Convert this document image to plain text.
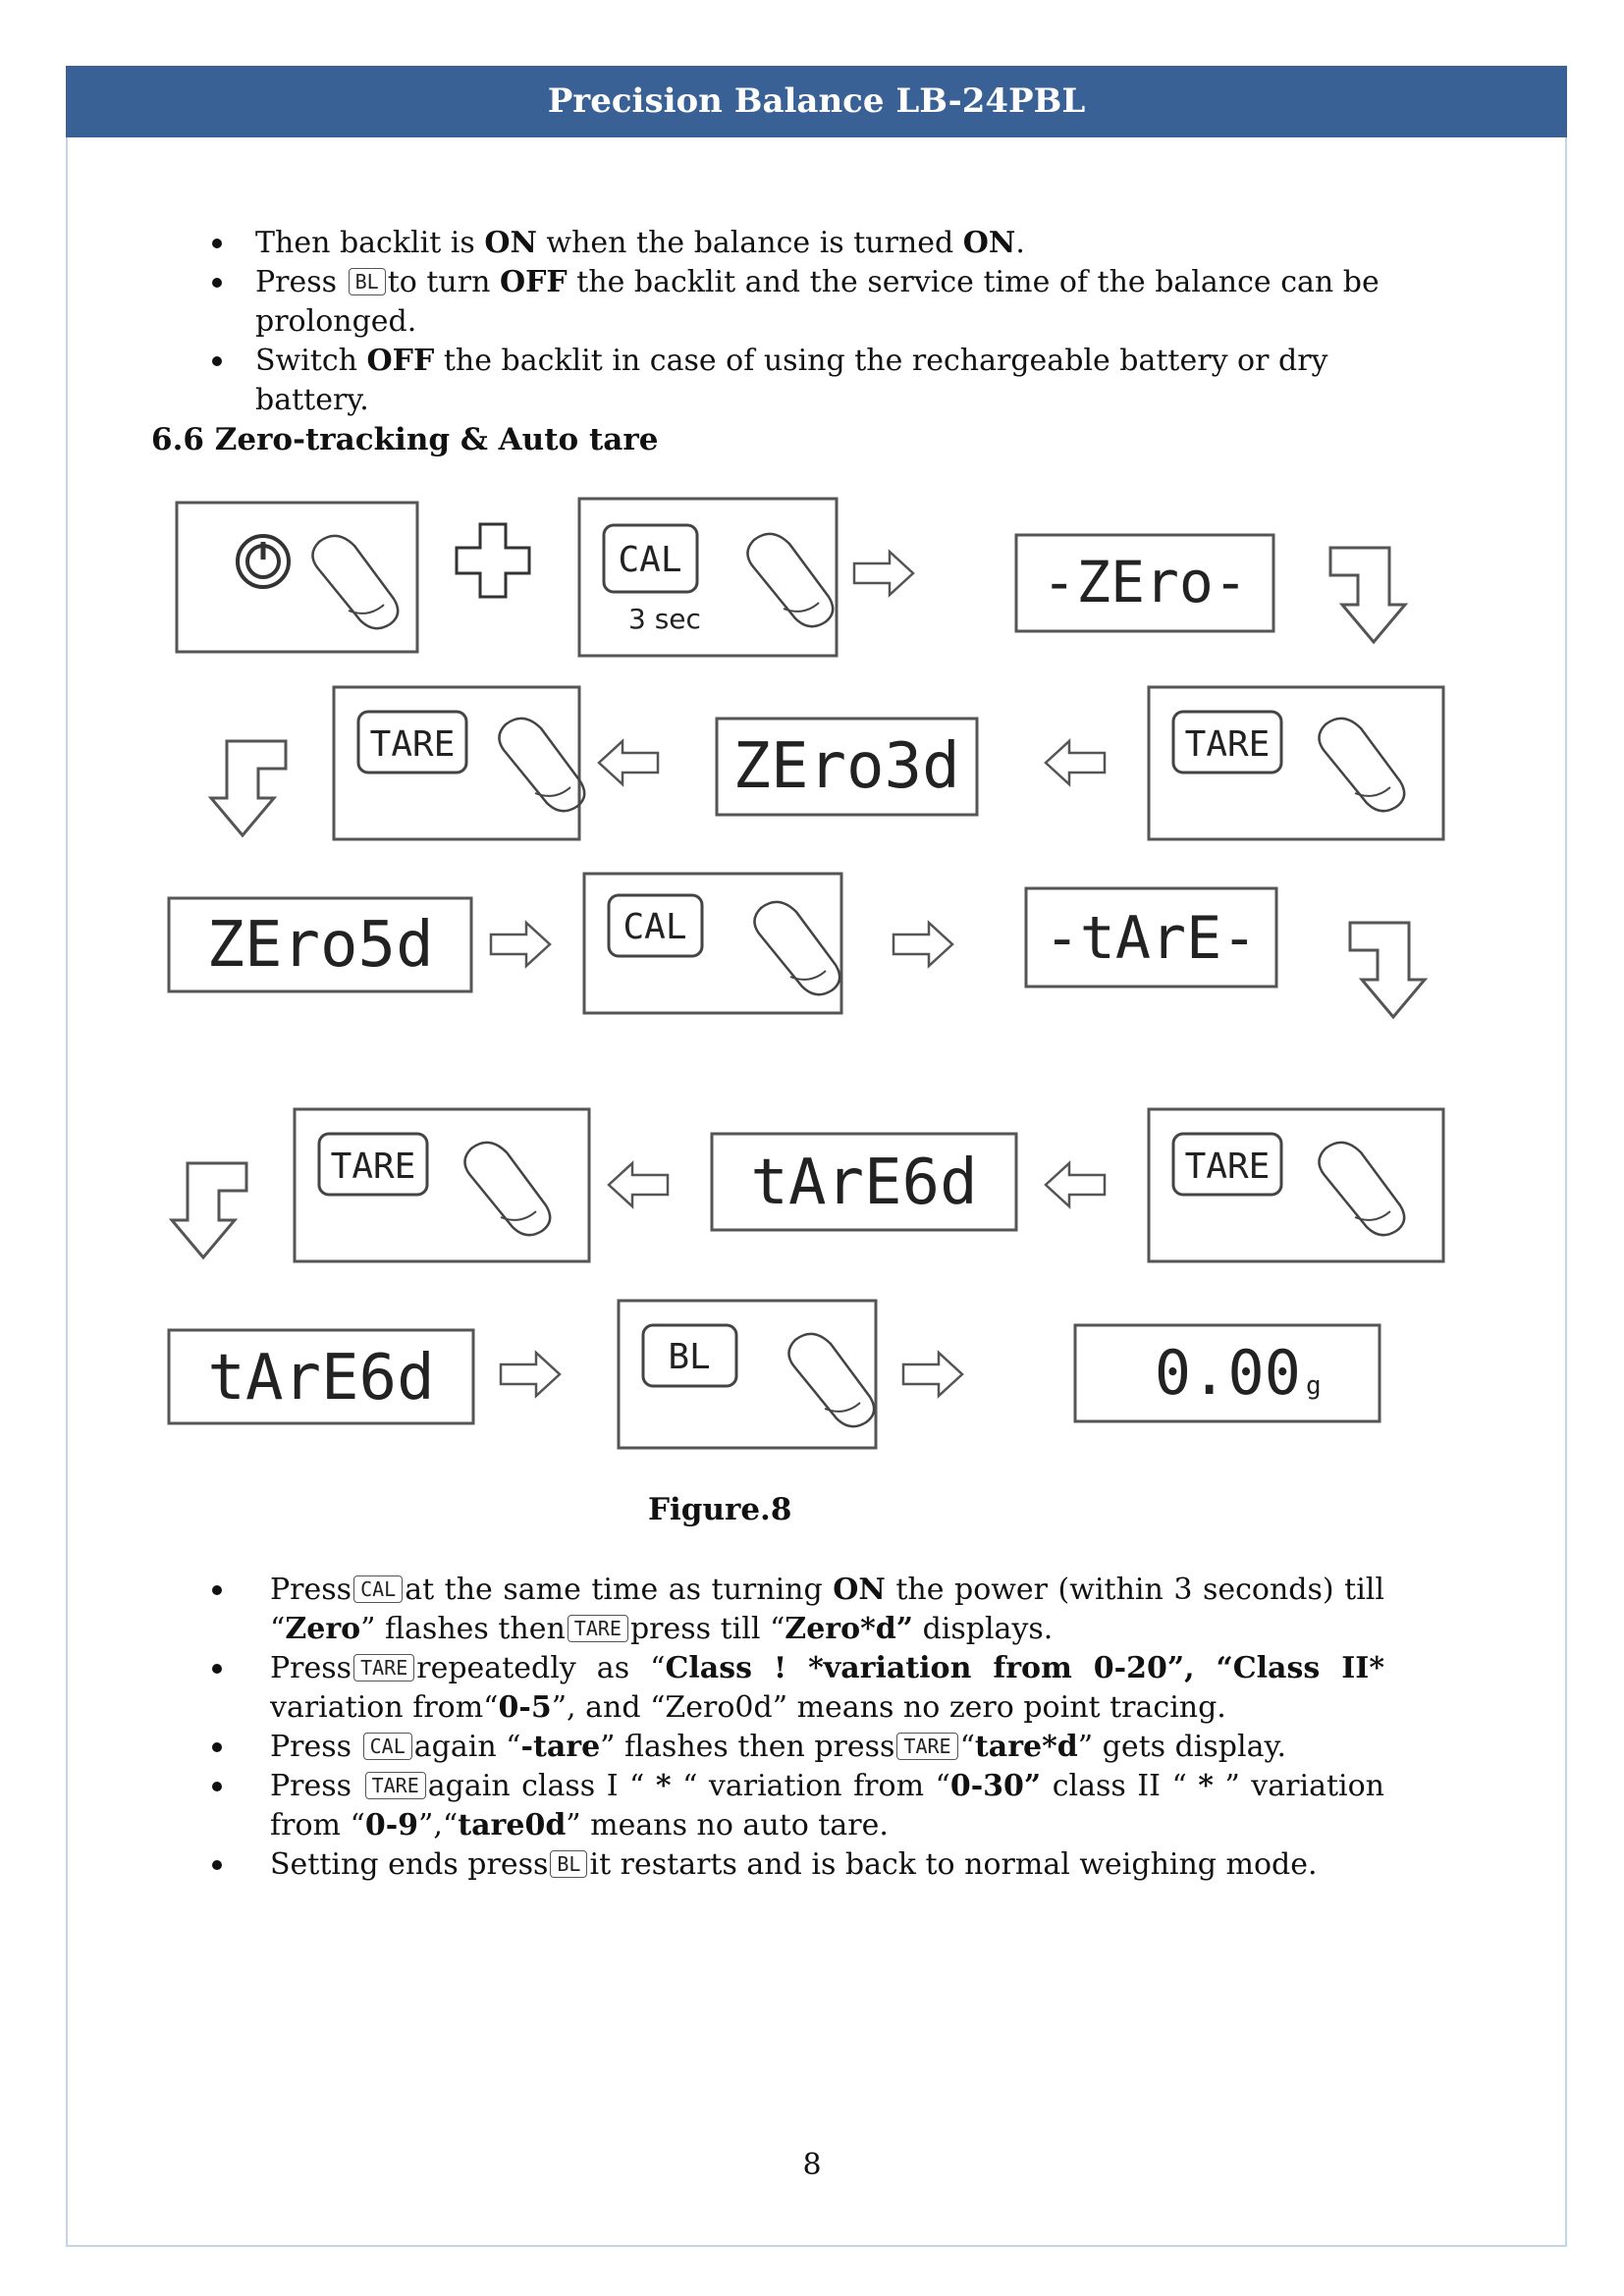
Precision Balance LB-24PBL
Then backlit is ON when the balance is turned ON.
Press BL to turn OFF the backlit and the service time of the balance can be prolonged.
Switch OFF the backlit in case of using the rechargeable battery or dry battery.
6.6 Zero-tracking & Auto tare
CAL
3 sec
-ZEro-
TARE	ZEro3d	TARE
ZEro5d	CAL	-tArE-
TARE	tArE6d	TARE
tArE6d	BL	0.00 g
Figure.8
Press CAL at the same time as turning ON the power (within 3 seconds) till “Zero” flashes then TARE press till “Zero*d” displays.
Press TARE repeatedly as “Class ! *variation from 0-20”, “Class II* variation from“0-5”, and “Zero0d” means no zero point tracing.
Press CAL again “-tare” flashes then press TARE “tare*d” gets display.
Press TARE again class I “ * “ variation from “0-30” class II “ * ” variation from “0-9”,“tare0d” means no auto tare.
Setting ends press BL it restarts and is back to normal weighing mode.
8
